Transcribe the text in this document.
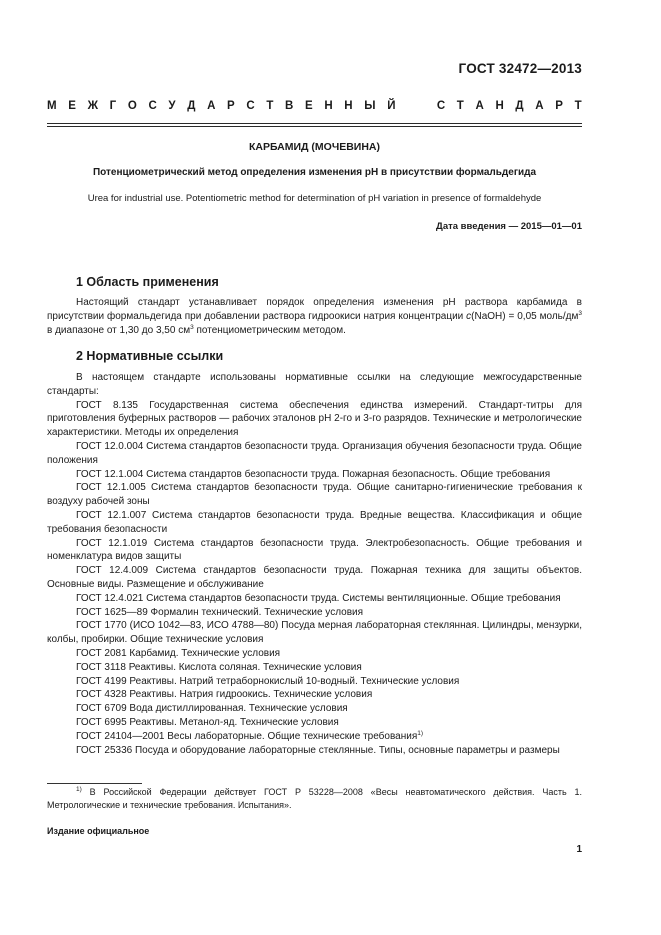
ГОСТ 32472—2013
М Е Ж Г О С У Д А Р С Т В Е Н Н Ы Й

	С Т А Н Д А Р Т
КАРБАМИД (МОЧЕВИНА)
Потенциометрический метод определения изменения pH в присутствии формальдегида
Urea for industrial use. Potentiometric method for determination of pH variation in presence of formaldehyde
Дата введения — 2015—01—01
1 Область применения

Настоящий стандарт устанавливает порядок определения изменения pH раствора карбамида в присутствии формальдегида при добавлении раствора гидроокиси натрия концентрации c(NaOH) = 0,05 моль/$дм^3$ в диапазоне от 1,30 до 3,50 $см^3$ потенциометрическим методом.

2 Нормативные ссылки

В настоящем стандарте использованы нормативные ссылки на следующие межгосударственные стандарты:

ГОСТ 8.135 Государственная система обеспечения единства измерений. Стандарт-титры для приготовления буферных растворов — рабочих эталонов pH 2-го и 3-го разрядов. Технические и метрологические характеристики. Методы их определения

ГОСТ 12.0.004 Система стандартов безопасности труда. Организация обучения безопасности труда. Общие положения

ГОСТ 12.1.004 Система стандартов безопасности труда. Пожарная безопасность. Общие требования

ГОСТ 12.1.005 Система стандартов безопасности труда. Общие санитарно-гигиенические требования к воздуху рабочей зоны

ГОСТ 12.1.007 Система стандартов безопасности труда. Вредные вещества. Классификация и общие требования безопасности

ГОСТ 12.1.019 Система стандартов безопасности труда. Электробезопасность. Общие требования и номенклатура видов защиты

ГОСТ 12.4.009 Система стандартов безопасности труда. Пожарная техника для защиты объектов. Основные виды. Размещение и обслуживание

ГОСТ 12.4.021 Система стандартов безопасности труда. Системы вентиляционные. Общие требования

ГОСТ 1625—89 Формалин технический. Технические условия

ГОСТ 1770 (ИСО 1042—83, ИСО 4788—80) Посуда мерная лабораторная стеклянная. Цилиндры, мензурки, колбы, пробирки. Общие технические условия

ГОСТ 2081 Карбамид. Технические условия

ГОСТ 3118 Реактивы. Кислота соляная. Технические условия

ГОСТ 4199 Реактивы. Натрий тетраборнокислый 10-водный. Технические условия

ГОСТ 4328 Реактивы. Натрия гидроокись. Технические условия

ГОСТ 6709 Вода дистиллированная. Технические условия

ГОСТ 6995 Реактивы. Метанол-яд. Технические условия

ГОСТ 24104—2001 Весы лабораторные. Общие технические требования$^{1)}$

ГОСТ 25336 Посуда и оборудование лабораторные стеклянные. Типы, основные параметры и размеры

$^{1)}$ В Российской Федерации действует ГОСТ Р 53228—2008 «Весы неавтоматического действия. Часть 1. Метрологические и технические требования. Испытания».

Издание официальное
1
